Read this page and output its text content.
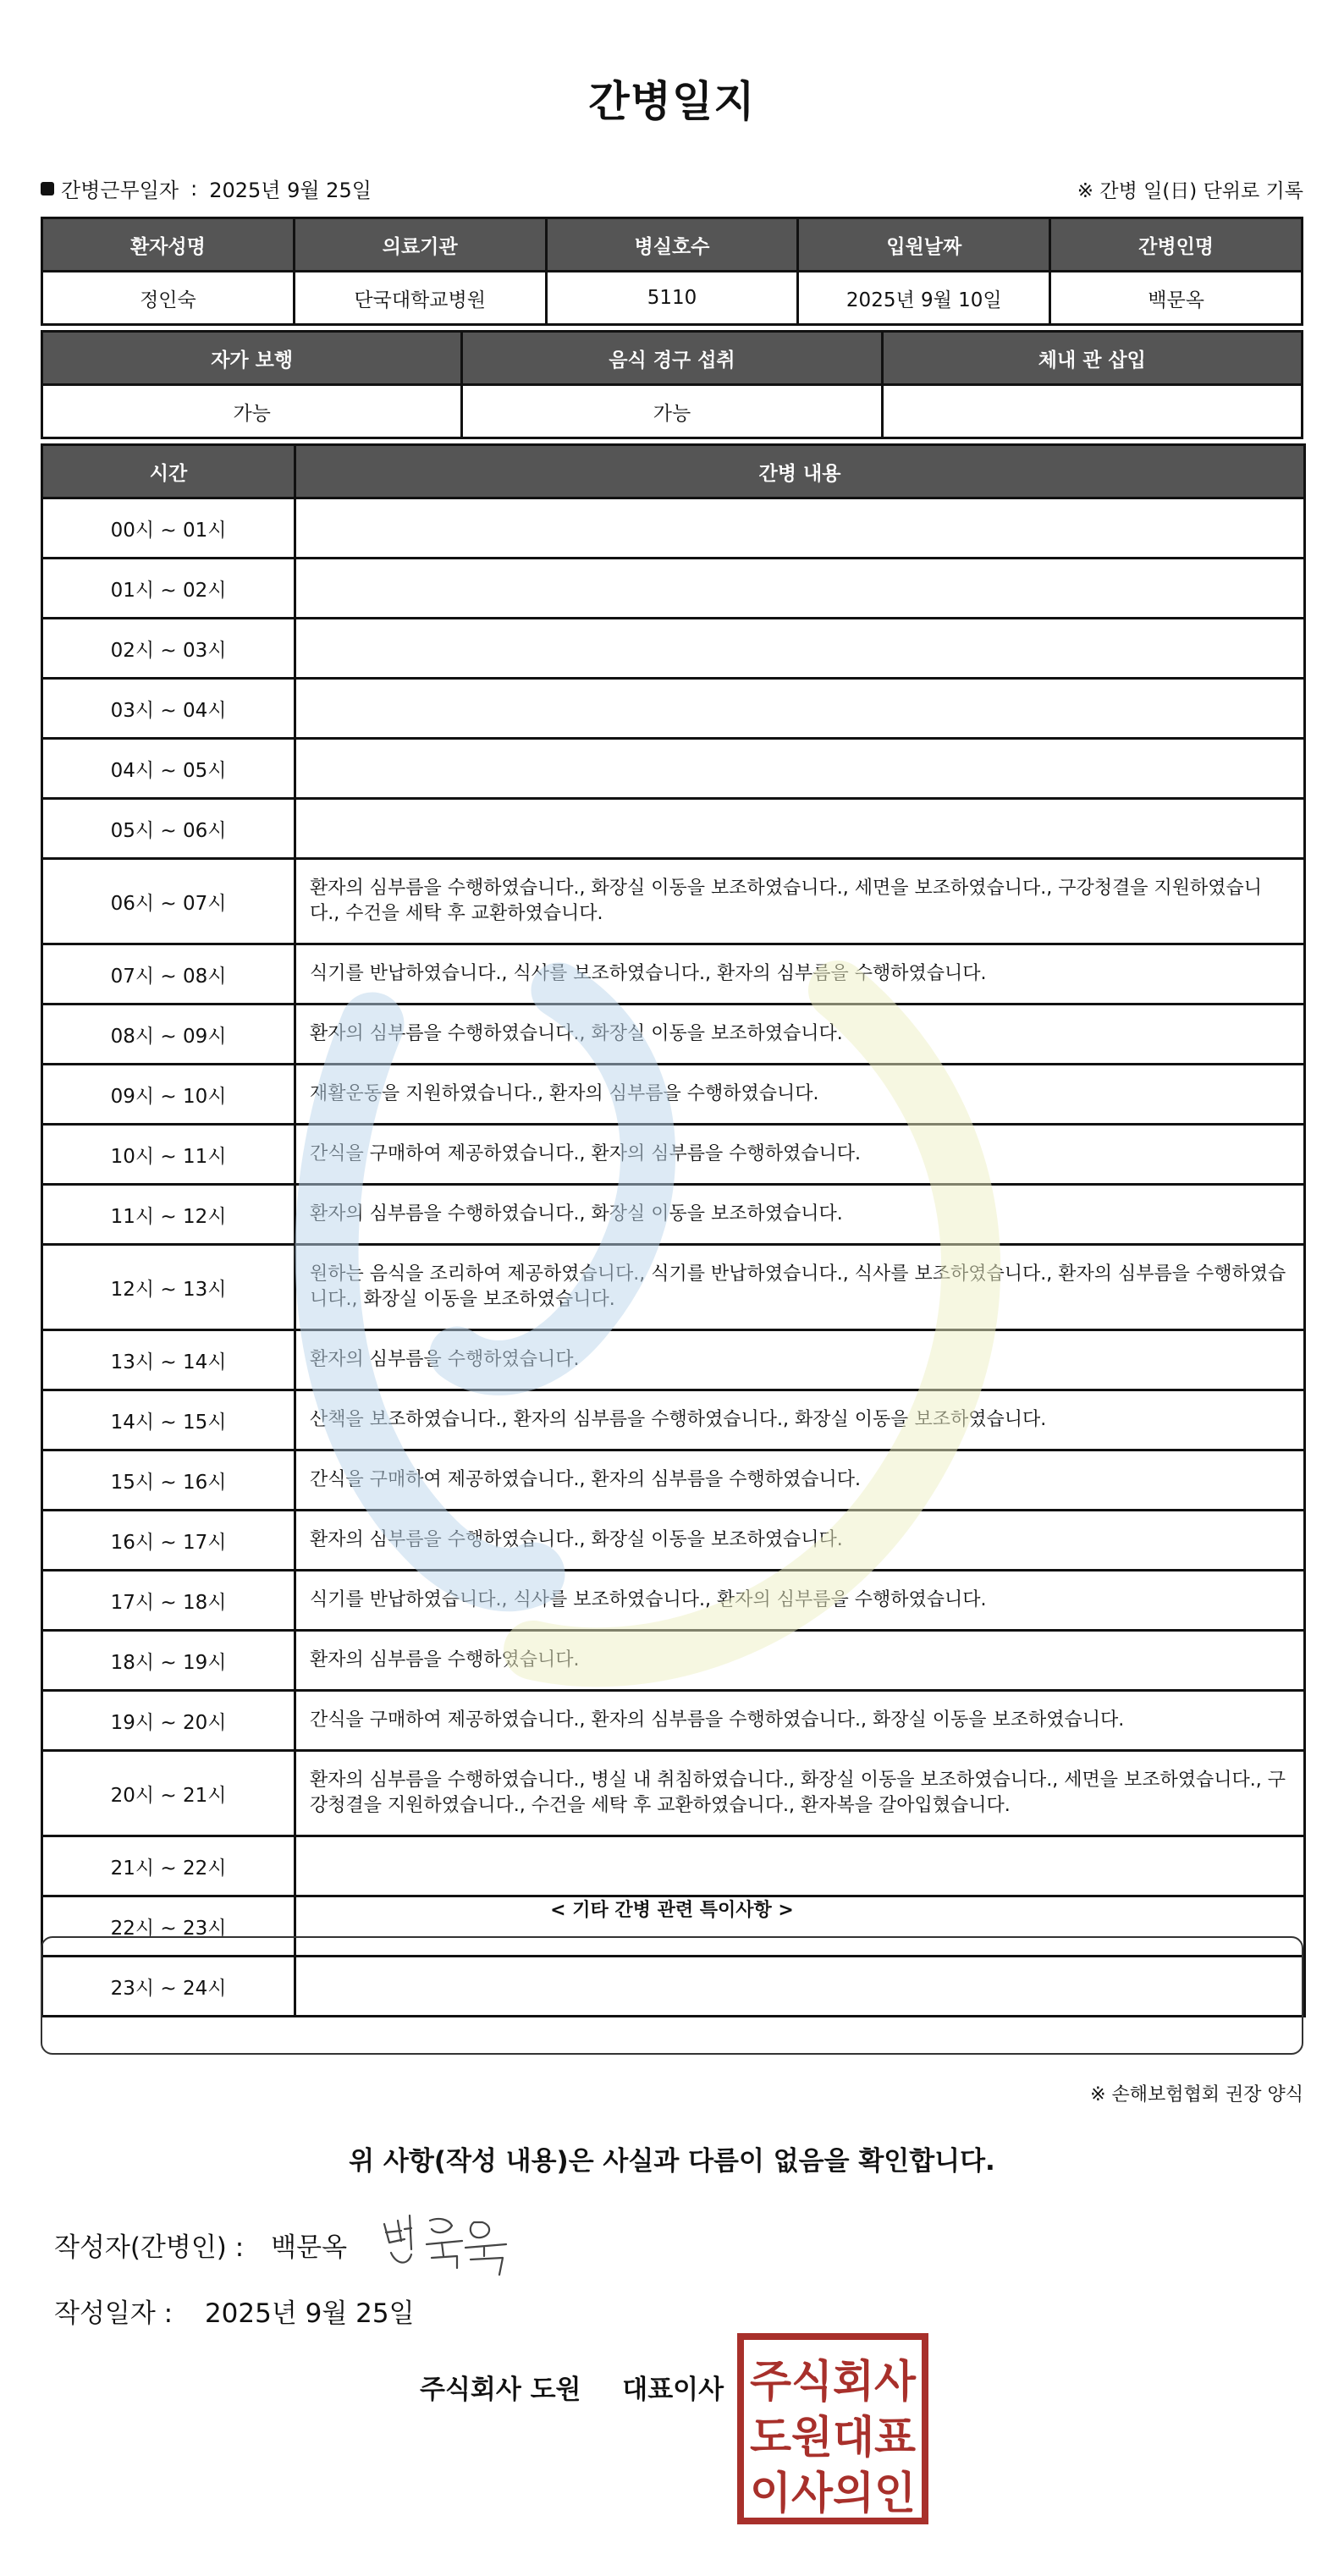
간병일지
간병근무일자 : 2025년 9월 25일	※ 간병 일(日) 단위로 기록
환자성명	의료기관	병실호수	입원날짜	간병인명
정인숙	단국대학교병원	5110	2025년 9월 10일	백문옥
자가 보행	음식 경구 섭취	체내 관 삽입
가능	가능	
시간	간병 내용
00시 ~ 01시	
01시 ~ 02시	
02시 ~ 03시	
03시 ~ 04시	
04시 ~ 05시	
05시 ~ 06시	
06시 ~ 07시	환자의 심부름을 수행하였습니다., 화장실 이동을 보조하였습니다., 세면을 보조하였습니다., 구강청결을 지원하였습니다., 수건을 세탁 후 교환하였습니다.
07시 ~ 08시	식기를 반납하였습니다., 식사를 보조하였습니다., 환자의 심부름을 수행하였습니다.
08시 ~ 09시	환자의 심부름을 수행하였습니다., 화장실 이동을 보조하였습니다.
09시 ~ 10시	재활운동을 지원하였습니다., 환자의 심부름을 수행하였습니다.
10시 ~ 11시	간식을 구매하여 제공하였습니다., 환자의 심부름을 수행하였습니다.
11시 ~ 12시	환자의 심부름을 수행하였습니다., 화장실 이동을 보조하였습니다.
12시 ~ 13시	원하는 음식을 조리하여 제공하였습니다., 식기를 반납하였습니다., 식사를 보조하였습니다., 환자의 심부름을 수행하였습니다., 화장실 이동을 보조하였습니다.
13시 ~ 14시	환자의 심부름을 수행하였습니다.
14시 ~ 15시	산책을 보조하였습니다., 환자의 심부름을 수행하였습니다., 화장실 이동을 보조하였습니다.
15시 ~ 16시	간식을 구매하여 제공하였습니다., 환자의 심부름을 수행하였습니다.
16시 ~ 17시	환자의 심부름을 수행하였습니다., 화장실 이동을 보조하였습니다.
17시 ~ 18시	식기를 반납하였습니다., 식사를 보조하였습니다., 환자의 심부름을 수행하였습니다.
18시 ~ 19시	환자의 심부름을 수행하였습니다.
19시 ~ 20시	간식을 구매하여 제공하였습니다., 환자의 심부름을 수행하였습니다., 화장실 이동을 보조하였습니다.
20시 ~ 21시	환자의 심부름을 수행하였습니다., 병실 내 취침하였습니다., 화장실 이동을 보조하였습니다., 세면을 보조하였습니다., 구강청결을 지원하였습니다., 수건을 세탁 후 교환하였습니다., 환자복을 갈아입혔습니다.
21시 ~ 22시	
22시 ~ 23시	
23시 ~ 24시	
< 기타 간병 관련 특이사항 >
※ 손해보험협회 권장 양식
위 사항(작성 내용)은 사실과 다름이 없음을 확인합니다.
작성자(간병인) : 백문옥
작성일자 : 2025년 9월 25일
주식회사 도원 대표이사 주식회사
도원대표
이사의인
